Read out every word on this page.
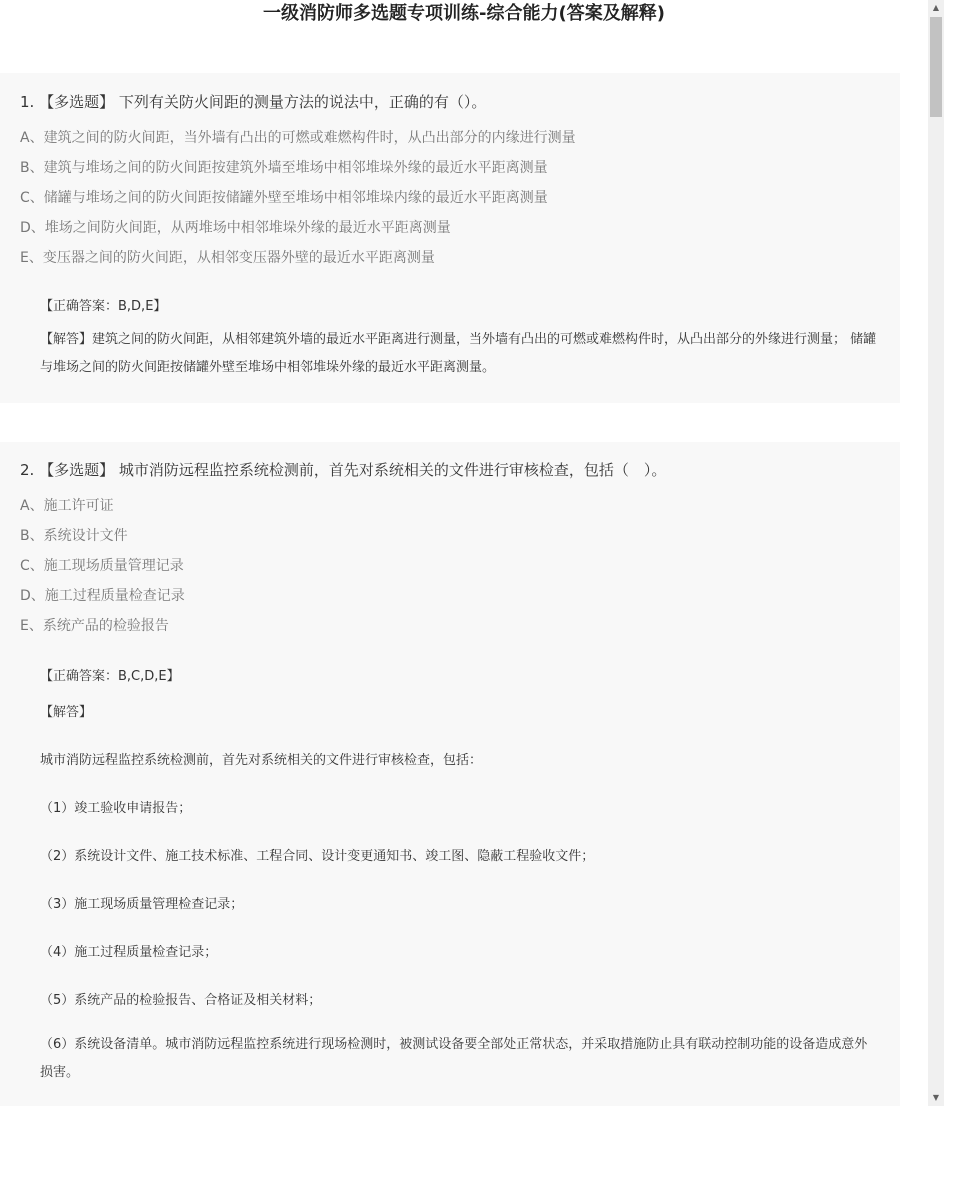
一级消防师多选题专项训练-综合能力(答案及解释)
1. 【多选题】 下列有关防火间距的测量方法的说法中，正确的有（）。
A、建筑之间的防火间距，当外墙有凸出的可燃或难燃构件时，从凸出部分的内缘进行测量
B、建筑与堆场之间的防火间距按建筑外墙至堆场中相邻堆垛外缘的最近水平距离测量
C、储罐与堆场之间的防火间距按储罐外壁至堆场中相邻堆垛内缘的最近水平距离测量
D、堆场之间防火间距，从两堆场中相邻堆垛外缘的最近水平距离测量
E、变压器之间的防火间距，从相邻变压器外壁的最近水平距离测量
【正确答案：B,D,E】
【解答】建筑之间的防火间距，从相邻建筑外墙的最近水平距离进行测量，当外墙有凸出的可燃或难燃构件时，从凸出部分的外缘进行测量； 储罐与堆场之间的防火间距按储罐外壁至堆场中相邻堆垛外缘的最近水平距离测量。
2. 【多选题】 城市消防远程监控系统检测前，首先对系统相关的文件进行审核检查，包括（　）。
A、施工许可证
B、系统设计文件
C、施工现场质量管理记录
D、施工过程质量检查记录
E、系统产品的检验报告
【正确答案：B,C,D,E】
【解答】
城市消防远程监控系统检测前，首先对系统相关的文件进行审核检查，包括：
（1）竣工验收申请报告；
（2）系统设计文件、施工技术标准、工程合同、设计变更通知书、竣工图、隐蔽工程验收文件；
（3）施工现场质量管理检查记录；
（4）施工过程质量检查记录；
（5）系统产品的检验报告、合格证及相关材料；
（6）系统设备清单。城市消防远程监控系统进行现场检测时，被测试设备要全部处正常状态，并采取措施防止具有联动控制功能的设备造成意外损害。
▲
▼
